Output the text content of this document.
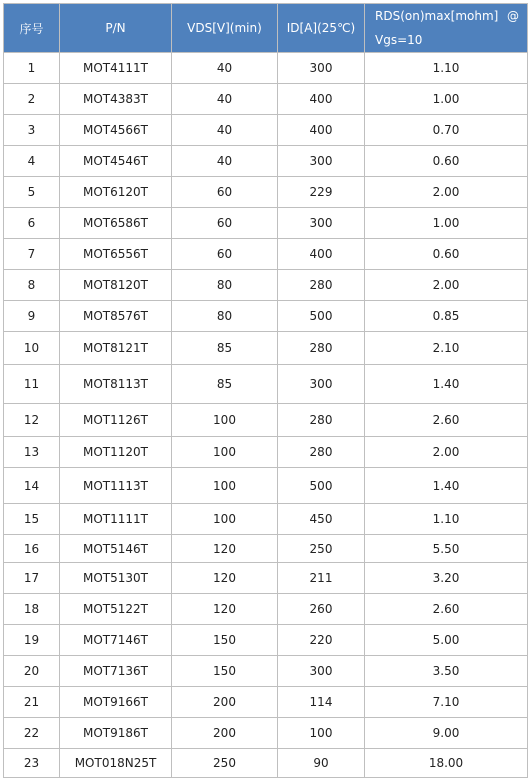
序号	P/N	VDS[V](min)	ID[A](25℃)	RDS(on)max[mohm] @
Vgs=10

1	MOT4111T	40	300	1.10
2	MOT4383T	40	400	1.00
3	MOT4566T	40	400	0.70
4	MOT4546T	40	300	0.60
5	MOT6120T	60	229	2.00
6	MOT6586T	60	300	1.00
7	MOT6556T	60	400	0.60
8	MOT8120T	80	280	2.00
9	MOT8576T	80	500	0.85
10	MOT8121T	85	280	2.10
11	MOT8113T	85	300	1.40
12	MOT1126T	100	280	2.60
13	MOT1120T	100	280	2.00
14	MOT1113T	100	500	1.40
15	MOT1111T	100	450	1.10
16	MOT5146T	120	250	5.50
17	MOT5130T	120	211	3.20
18	MOT5122T	120	260	2.60
19	MOT7146T	150	220	5.00
20	MOT7136T	150	300	3.50
21	MOT9166T	200	114	7.10
22	MOT9186T	200	100	9.00
23	MOT018N25T	250	90	18.00
